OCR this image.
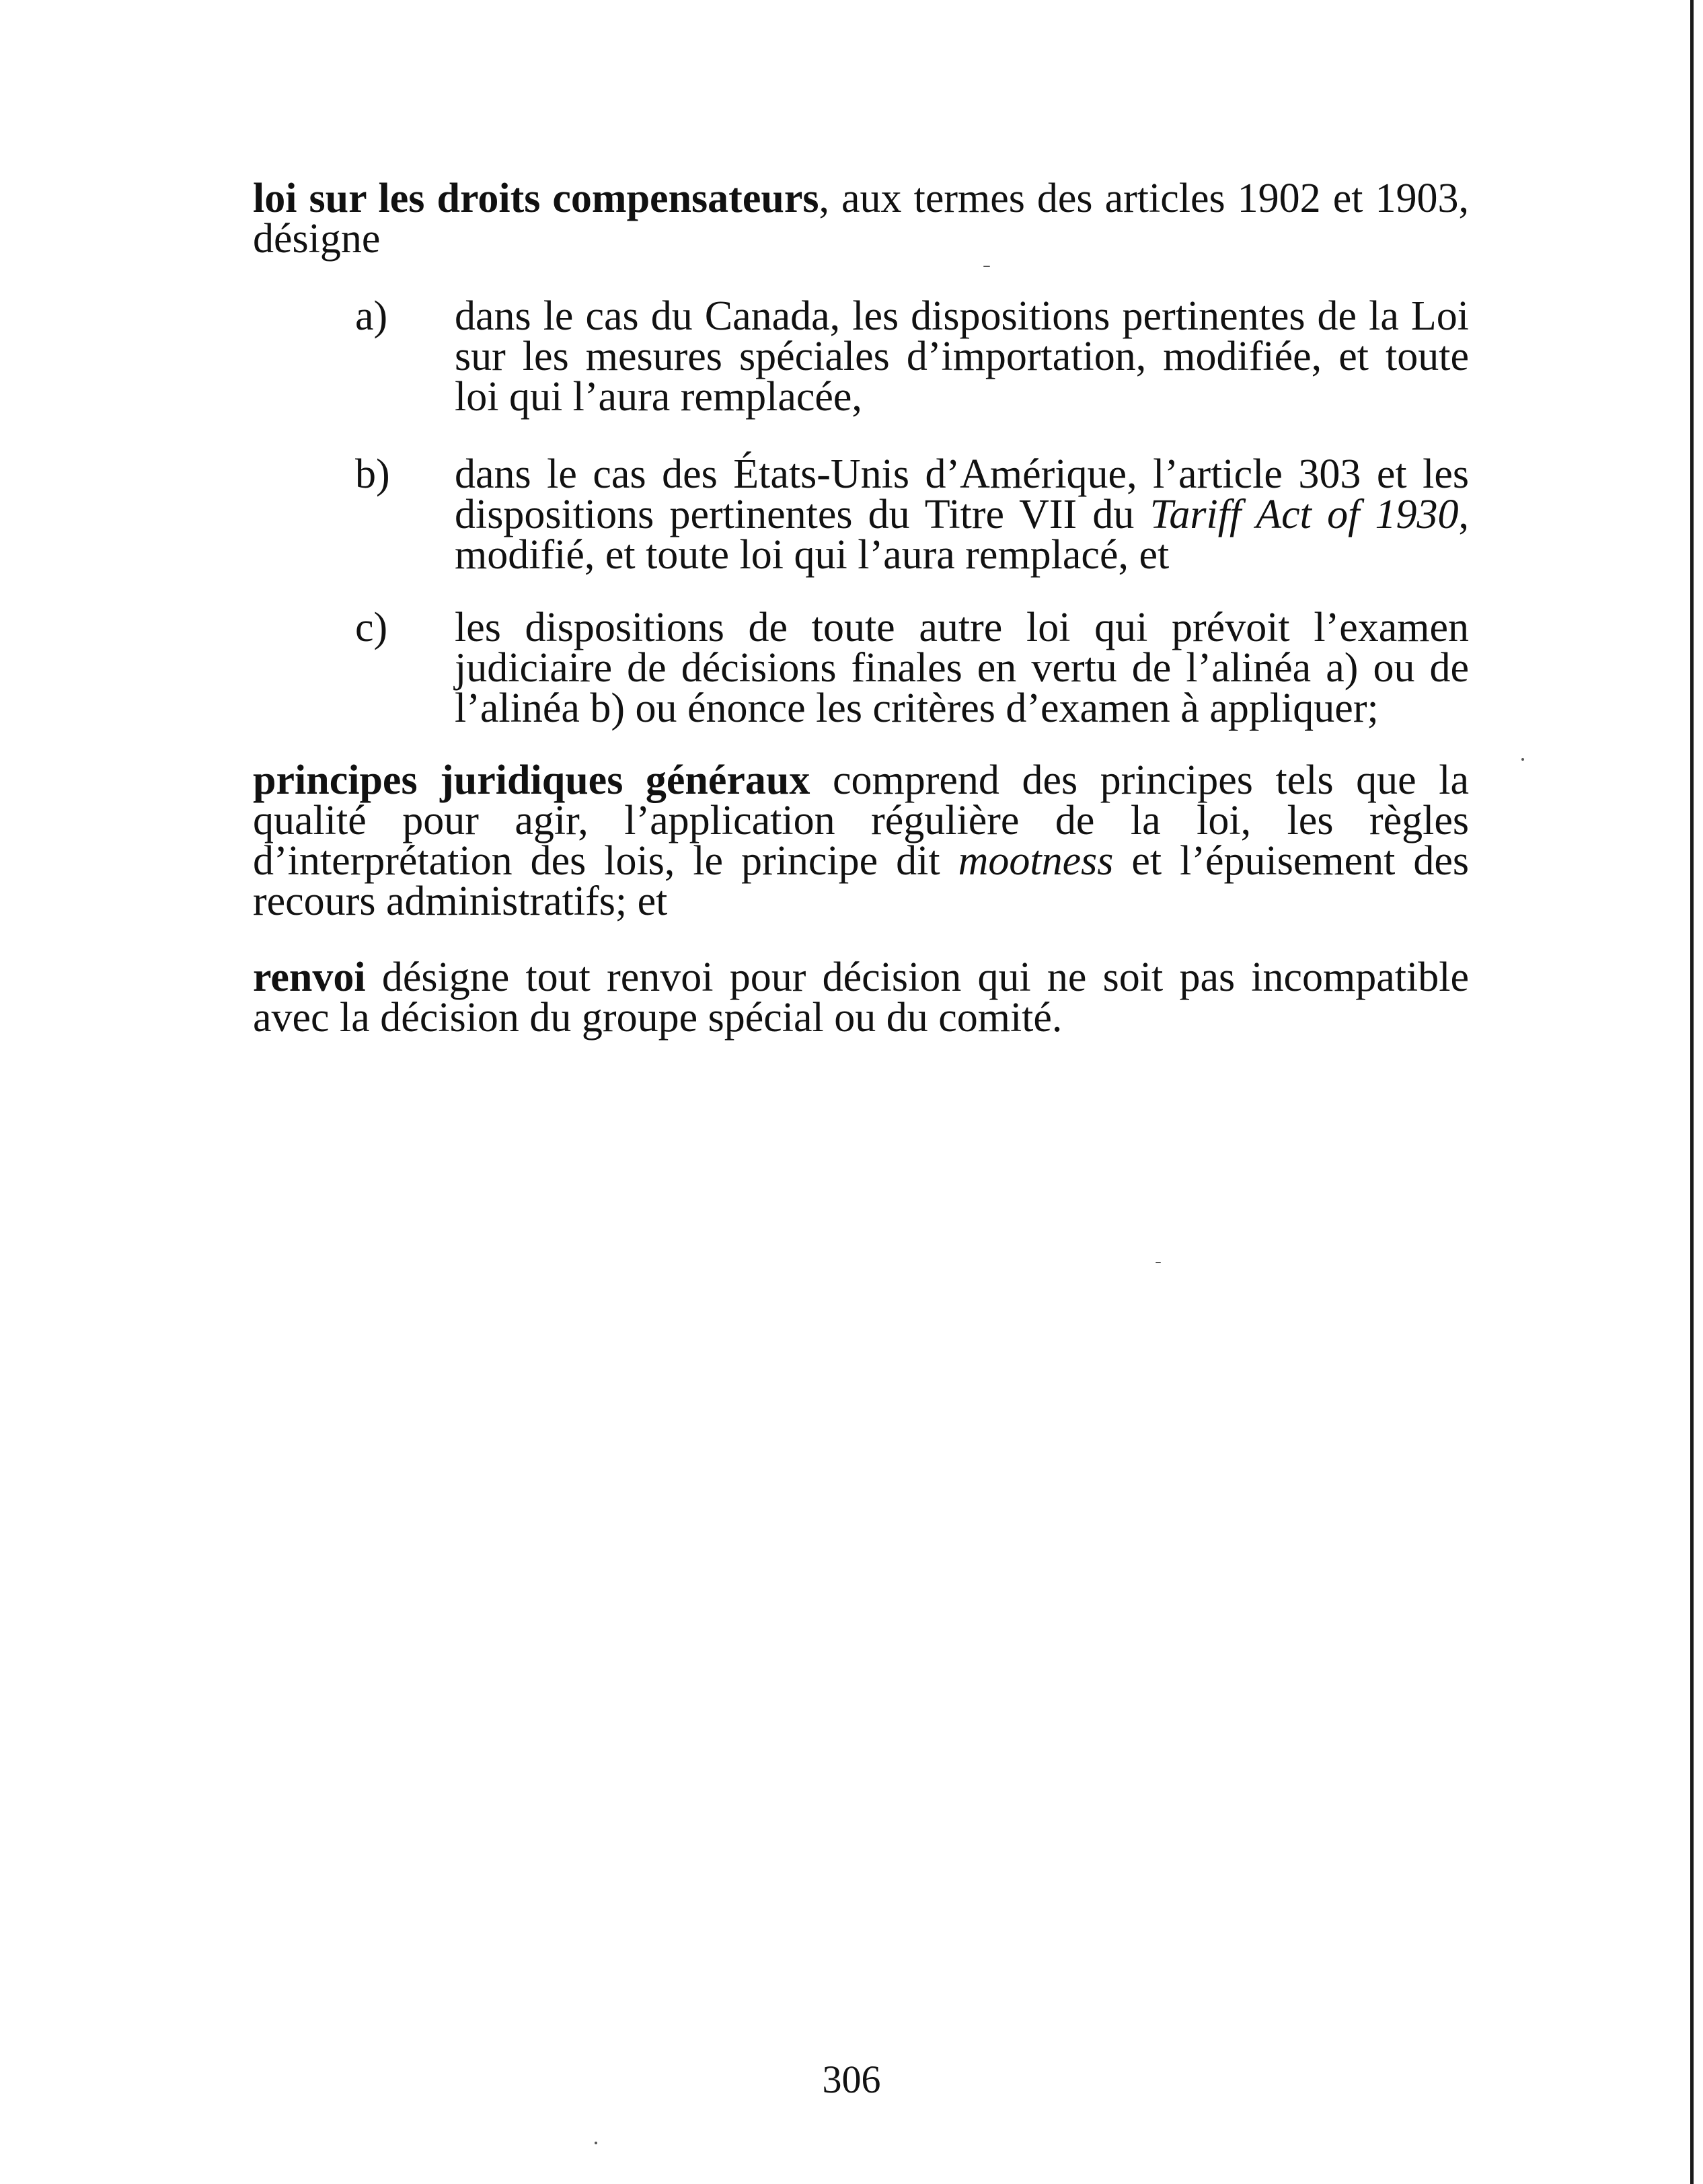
loi sur les droits compensateurs, aux termes des articles 1902 et 1903, désigne

a) dans le cas du Canada, les dispositions pertinentes de la Loi sur les mesures spéciales d’importation, modifiée, et toute loi qui l’aura remplacée,
b) dans le cas des États-Unis d’Amérique, l’article 303 et les dispositions pertinentes du Titre VII du Tariff Act of 1930, modifié, et toute loi qui l’aura remplacé, et
c) les dispositions de toute autre loi qui prévoit l’examen judiciaire de décisions finales en vertu de l’alinéa a) ou de l’alinéa b) ou énonce les critères d’examen à appliquer;

principes juridiques généraux comprend des principes tels que la qualité pour agir, l’application régulière de la loi, les règles d’interprétation des lois, le principe dit mootness et l’épuisement des recours administratifs; et

renvoi désigne tout renvoi pour décision qui ne soit pas incompatible avec la décision du groupe spécial ou du comité.

306
